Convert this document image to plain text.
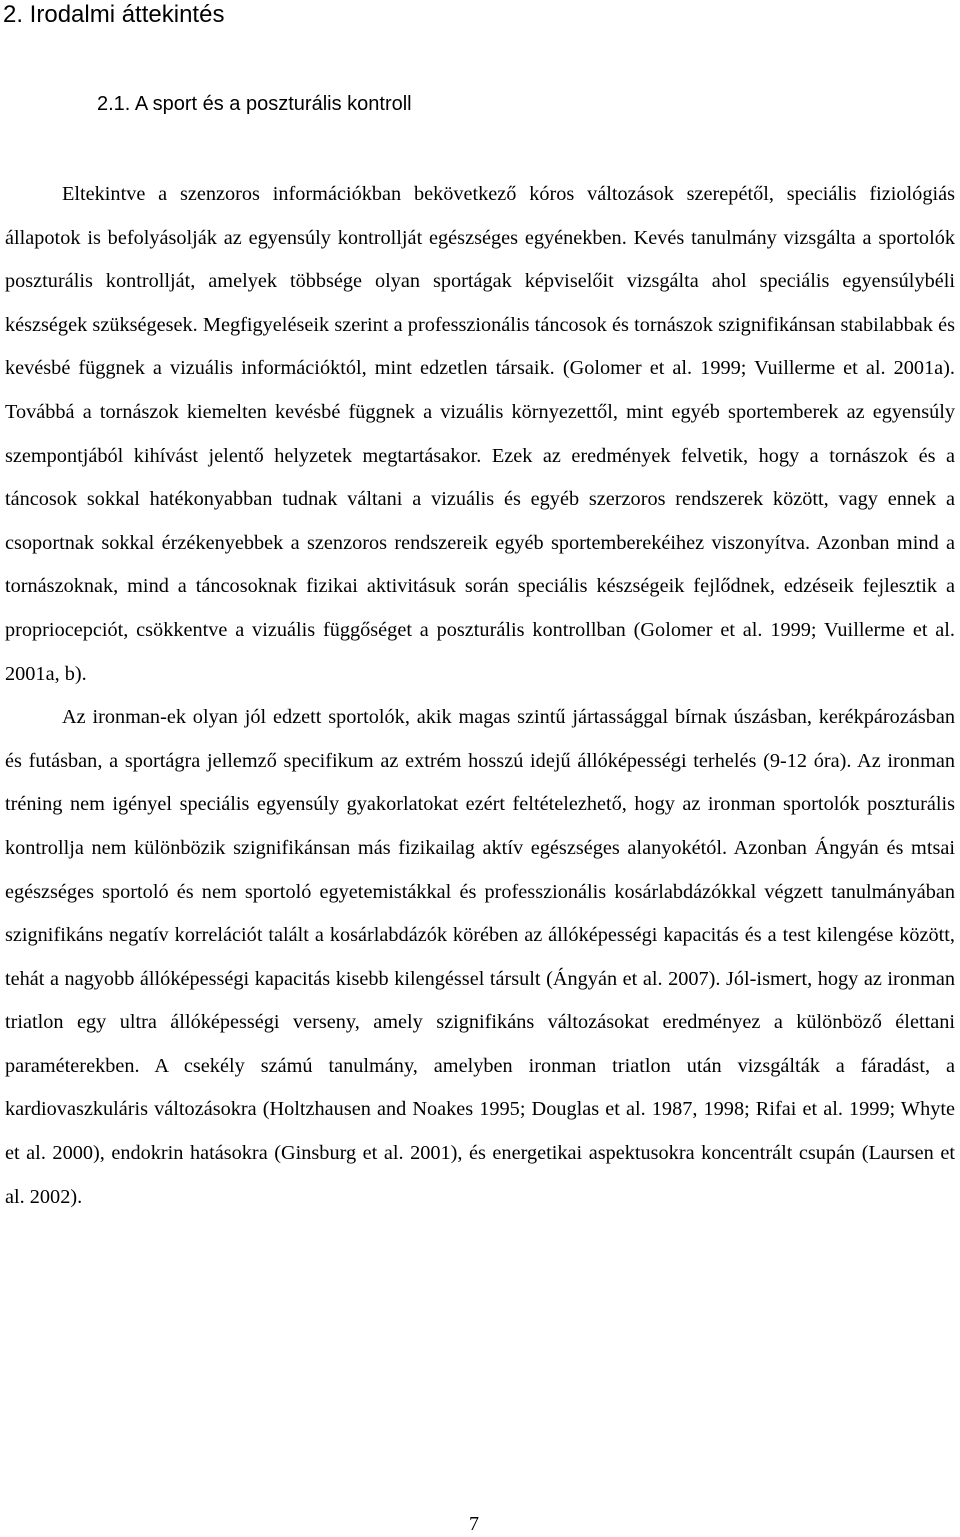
2. Irodalmi áttekintés
2.1. A sport és a poszturális kontroll

Eltekintve a szenzoros információkban bekövetkező kóros változások szerepétől, speciális fiziológiás állapotok is befolyásolják az egyensúly kontrollját egészséges egyénekben. Kevés tanulmány vizsgálta a sportolók poszturális kontrollját, amelyek többsége olyan sportágak képviselőit vizsgálta ahol speciális egyensúlybéli készségek szükségesek. Megfigyeléseik szerint a professzionális táncosok és tornászok szignifikánsan stabilabbak és kevésbé függnek a vizuális információktól, mint edzetlen társaik. (Golomer et al. 1999; Vuillerme et al. 2001a). Továbbá a tornászok kiemelten kevésbé függnek a vizuális környezettől, mint egyéb sportemberek az egyensúly szempontjából kihívást jelentő helyzetek megtartásakor. Ezek az eredmények felvetik, hogy a tornászok és a táncosok sokkal hatékonyabban tudnak váltani a vizuális és egyéb szerzoros rendszerek között, vagy ennek a csoportnak sokkal érzékenyebbek a szenzoros rendszereik egyéb sportemberekéihez viszonyítva. Azonban mind a tornászoknak, mind a táncosoknak fizikai aktivitásuk során speciális készségeik fejlődnek, edzéseik fejlesztik a propriocepciót, csökkentve a vizuális függőséget a poszturális kontrollban (Golomer et al. 1999; Vuillerme et al. 2001a, b).

Az ironman-ek olyan jól edzett sportolók, akik magas szintű jártassággal bírnak úszásban, kerékpározásban és futásban, a sportágra jellemző specifikum az extrém hosszú idejű állóképességi terhelés (9-12 óra). Az ironman tréning nem igényel speciális egyensúly gyakorlatokat ezért feltételezhető, hogy az ironman sportolók poszturális kontrollja nem különbözik szignifikánsan más fizikailag aktív egészséges alanyokétól. Azonban Ángyán és mtsai egészséges sportoló és nem sportoló egyetemistákkal és professzionális kosárlabdázókkal végzett tanulmányában szignifikáns negatív korrelációt talált a kosárlabdázók körében az állóképességi kapacitás és a test kilengése között, tehát a nagyobb állóképességi kapacitás kisebb kilengéssel társult (Ángyán et al. 2007). Jól-ismert, hogy az ironman triatlon egy ultra állóképességi verseny, amely szignifikáns változásokat eredményez a különböző élettani paraméterekben. A csekély számú tanulmány, amelyben ironman triatlon után vizsgálták a fáradást, a kardiovaszkuláris változásokra (Holtzhausen and Noakes 1995; Douglas et al. 1987, 1998; Rifai et al. 1999; Whyte et al. 2000), endokrin hatásokra (Ginsburg et al. 2001), és energetikai aspektusokra koncentrált csupán (Laursen et al. 2002).

7
